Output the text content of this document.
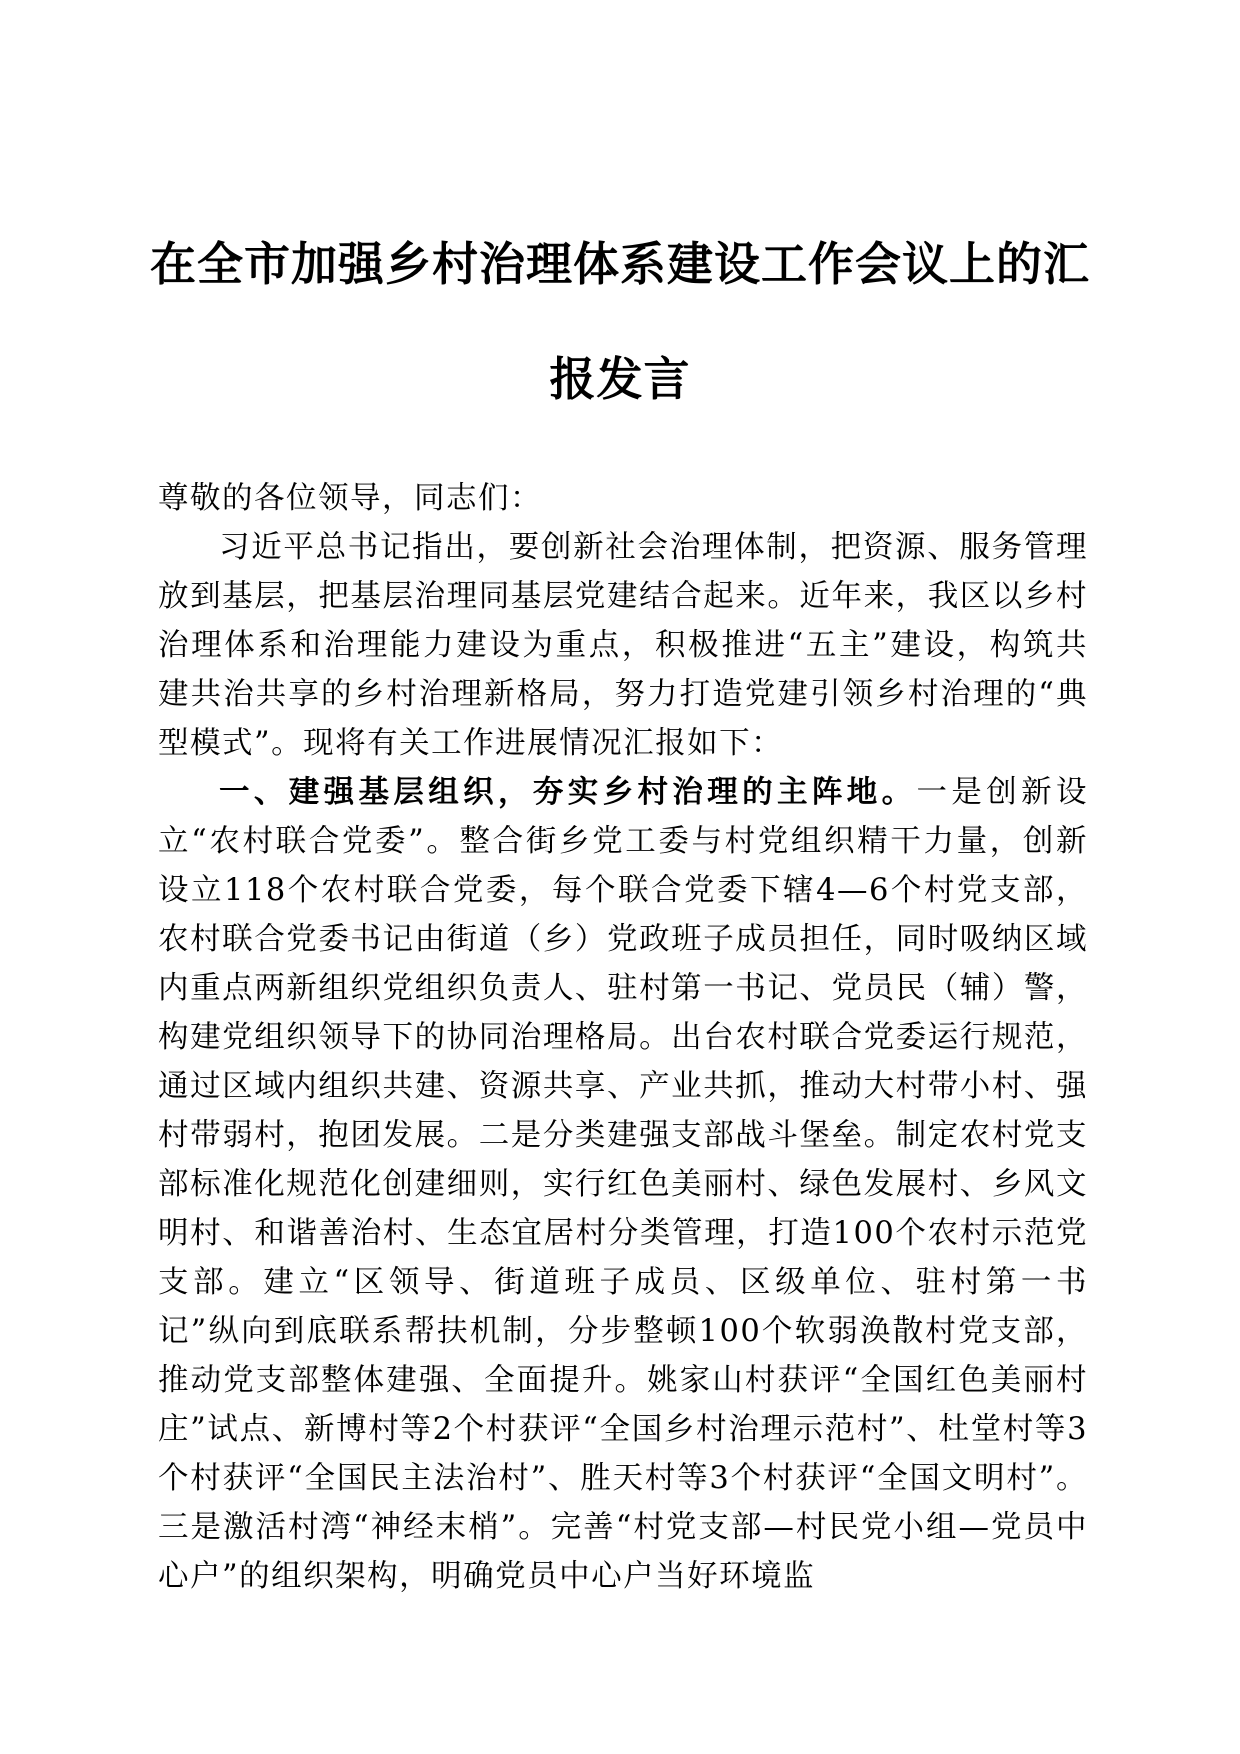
在全市加强乡村治理体系建设工作会议上的汇
报发言

尊敬的各位领导，同志们：

习近平总书记指出，要创新社会治理体制，把资源、服务管理放到基层，把基层治理同基层党建结合起来。近年来，我区以乡村治理体系和治理能力建设为重点，积极推进“五主”建设，构筑共建共治共享的乡村治理新格局，努力打造党建引领乡村治理的“典型模式”。现将有关工作进展情况汇报如下：

一、建强基层组织，夯实乡村治理的主阵地。一是创新设立“农村联合党委”。整合街乡党工委与村党组织精干力量，创新设立118个农村联合党委，每个联合党委下辖4—6个村党支部，农村联合党委书记由街道（乡）党政班子成员担任，同时吸纳区域内重点两新组织党组织负责人、驻村第一书记、党员民（辅）警，构建党组织领导下的协同治理格局。出台农村联合党委运行规范，通过区域内组织共建、资源共享、产业共抓，推动大村带小村、强村带弱村，抱团发展。二是分类建强支部战斗堡垒。制定农村党支部标准化规范化创建细则，实行红色美丽村、绿色发展村、乡风文明村、和谐善治村、生态宜居村分类管理，打造100个农村示范党支部。建立“区领导、街道班子成员、区级单位、驻村第一书记”纵向到底联系帮扶机制，分步整顿100个软弱涣散村党支部，推动党支部整体建强、全面提升。姚家山村获评“全国红色美丽村庄”试点、新博村等2个村获评“全国乡村治理示范村”、杜堂村等3个村获评“全国民主法治村”、胜天村等3个村获评“全国文明村”。三是激活村湾“神经末梢”。完善“村党支部—村民党小组—党员中心户”的组织架构，明确党员中心户当好环境监
